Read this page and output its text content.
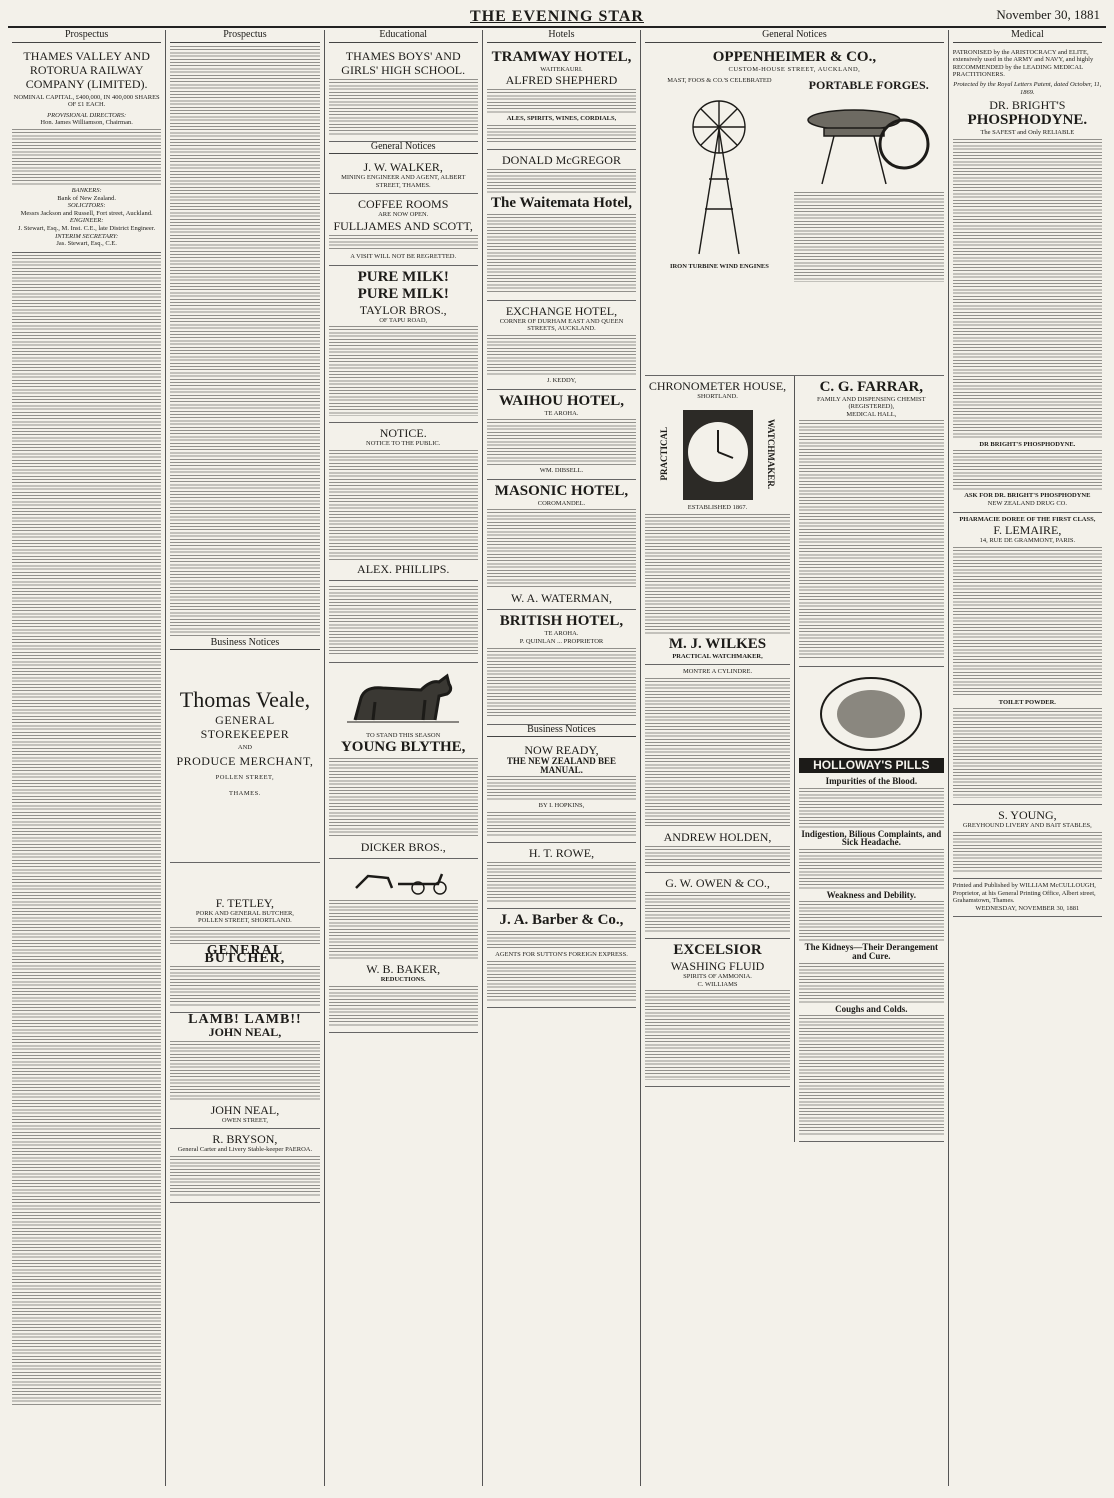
THE EVENING STAR	November 30, 1881
Prospectus
THAMES VALLEY AND ROTORUA RAILWAY COMPANY (LIMITED).
NOMINAL CAPITAL, £400,000, IN 400,000 SHARES OF £1 EACH.
PROVISIONAL DIRECTORS:
Hon. James Williamson, Chairman.
BANKERS:
Bank of New Zealand.
SOLICITORS:
Messrs Jackson and Russell, Fort street, Auckland.
ENGINEER:
J. Stewart, Esq., M. Inst. C.E., late District Engineer.
INTERIM SECRETARY:
Jas. Stewart, Esq., C.E.
Prospectus
Business Notices
Thomas Veale,
GENERAL STOREKEEPER
AND
PRODUCE MERCHANT,
POLLEN STREET,
THAMES.
F. TETLEY,
PORK AND GENERAL BUTCHER,
POLLEN STREET, SHORTLAND.
GENERAL BUTCHER,
LAMB! LAMB!!
JOHN NEAL,
JOHN NEAL,
OWEN STREET,
R. BRYSON,
General Carter and Livery Stable-keeper PAEROA.
Educational
THAMES BOYS' AND GIRLS' HIGH SCHOOL.
General Notices
J. W. WALKER,
MINING ENGINEER AND AGENT, ALBERT STREET, THAMES.
COFFEE ROOMS
ARE NOW OPEN.
FULLJAMES AND SCOTT,
A VISIT WILL NOT BE REGRETTED.
PURE MILK!
PURE MILK!
TAYLOR BROS.,
OF TAPU ROAD,
NOTICE.
NOTICE TO THE PUBLIC.
ALEX. PHILLIPS.
TO STAND THIS SEASON
YOUNG BLYTHE,
DICKER BROS.,
W. B. BAKER,
REDUCTIONS.
Hotels
TRAMWAY HOTEL,
WAITEKAURI.
ALFRED SHEPHERD
ALES, SPIRITS, WINES, CORDIALS,
DONALD McGREGOR
The Waitemata Hotel,
EXCHANGE HOTEL,
CORNER OF DURHAM EAST AND QUEEN STREETS, AUCKLAND.
J. KEDDY,
WAIHOU HOTEL,
TE AROHA.
WM. DIBSELL.
MASONIC HOTEL,
COROMANDEL.
W. A. WATERMAN,
BRITISH HOTEL,
TE AROHA.
P. QUINLAN ... PROPRIETOR
Business Notices
NOW READY,
THE NEW ZEALAND BEE MANUAL.
BY I. HOPKINS,
H. T. ROWE,
J. A. Barber & Co.,
AGENTS FOR SUTTON'S FOREIGN EXPRESS.
General Notices
OPPENHEIMER & CO.,
CUSTOM-HOUSE STREET, AUCKLAND,
MAST, FOOS & CO.'S CELEBRATED
IRON TURBINE WIND ENGINES
PORTABLE FORGES.
CHRONOMETER HOUSE,
SHORTLAND.
PRACTICAL	WATCHMAKER.
ESTABLISHED 1867.
M. J. WILKES
PRACTICAL WATCHMAKER,
MONTRE A CYLINDRE.
ANDREW HOLDEN,
G. W. OWEN & CO.,
EXCELSIOR
WASHING FLUID
SPIRITS OF AMMONIA.
C. WILLIAMS
C. G. FARRAR,
FAMILY AND DISPENSING CHEMIST (REGISTERED),
MEDICAL HALL,
HOLLOWAY'S PILLS
Impurities of the Blood.
Indigestion, Bilious Complaints, and Sick Headache.
Weakness and Debility.
The Kidneys—Their Derangement and Cure.
Coughs and Colds.
Medical
PATRONISED by the ARISTOCRACY and ELITE, extensively used in the ARMY and NAVY, and highly RECOMMENDED by the LEADING MEDICAL PRACTITIONERS.
Protected by the Royal Letters Patent, dated October, 11, 1869.
DR. BRIGHT'S
PHOSPHODYNE.
The SAFEST and Only RELIABLE
DR BRIGHT'S PHOSPHODYNE.
ASK FOR DR. BRIGHT'S PHOSPHODYNE
NEW ZEALAND DRUG CO.
PHARMACIE DOREE OF THE FIRST CLASS,
F. LEMAIRE,
14, RUE DE GRAMMONT, PARIS.
TOILET POWDER.
S. YOUNG,
GREYHOUND LIVERY AND BAIT STABLES,
Printed and Published by WILLIAM McCULLOUGH, Proprietor, at his General Printing Office, Albert street, Grahamstown, Thames.
WEDNESDAY, NOVEMBER 30, 1881
